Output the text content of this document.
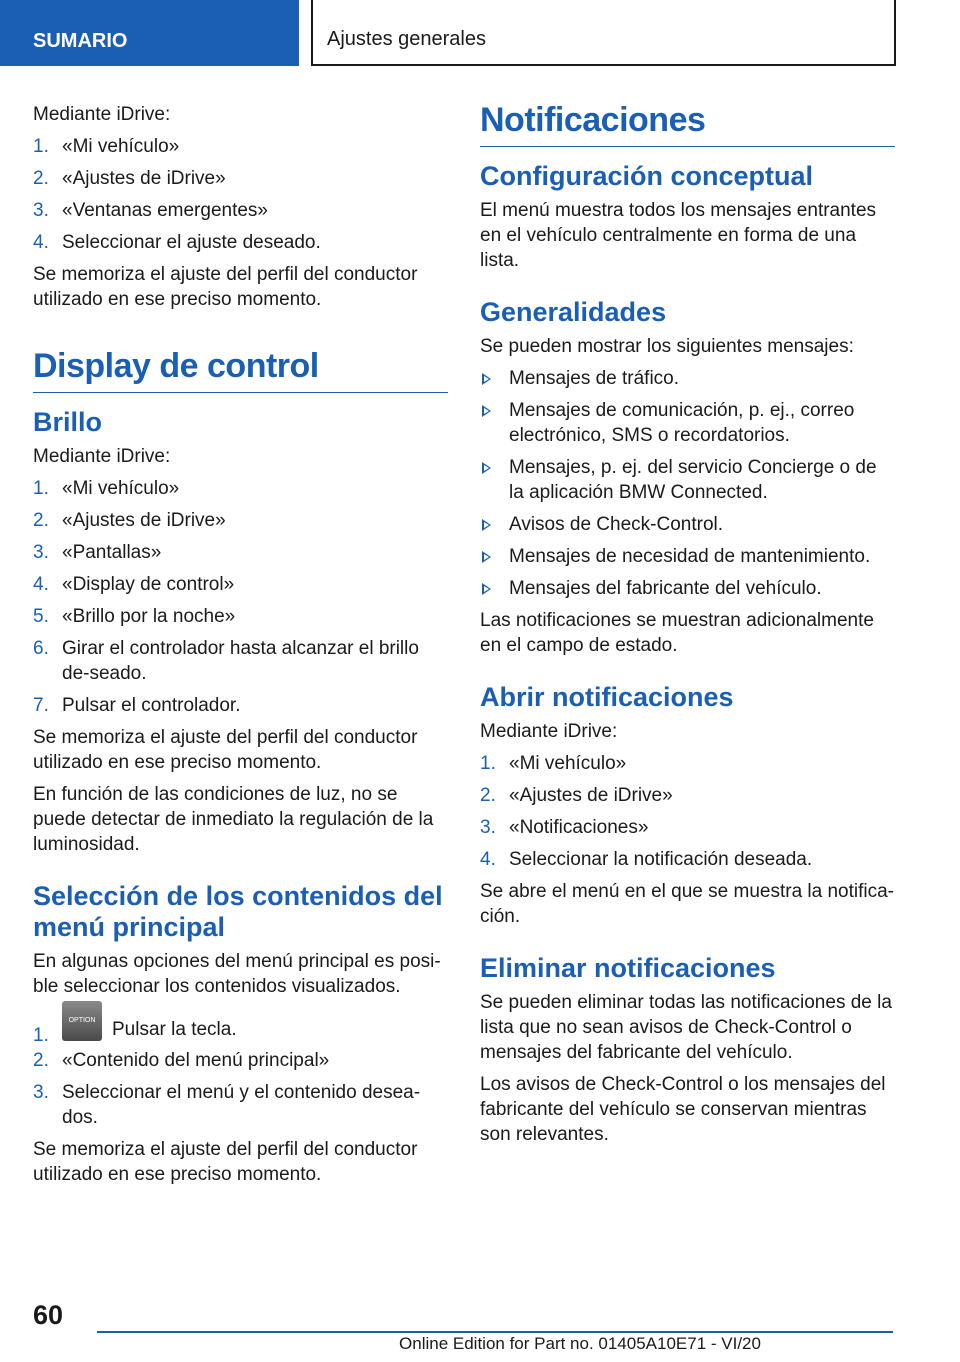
SUMARIO	Ajustes generales

Mediante iDrive:

1. «Mi vehículo»
2. «Ajustes de iDrive»
3. «Ventanas emergentes»
4. Seleccionar el ajuste deseado.

Se memoriza el ajuste del perfil del conductor utilizado en ese preciso momento.

Display de control
Brillo

Mediante iDrive:

1. «Mi vehículo»
2. «Ajustes de iDrive»
3. «Pantallas»
4. «Display de control»
5. «Brillo por la noche»
6. Girar el controlador hasta alcanzar el brillo de-seado.
7. Pulsar el controlador.

Se memoriza el ajuste del perfil del conductor utilizado en ese preciso momento.

En función de las condiciones de luz, no se puede detectar de inmediato la regulación de la luminosidad.

Selección de los contenidos del menú principal

En algunas opciones del menú principal es posi-ble seleccionar los contenidos visualizados.

1.
OPTION Pulsar la tecla.
2. «Contenido del menú principal»
3. Seleccionar el menú y el contenido desea-dos.

Se memoriza el ajuste del perfil del conductor utilizado en ese preciso momento.

Notificaciones
Configuración conceptual

El menú muestra todos los mensajes entrantes en el vehículo centralmente en forma de una lista.

Generalidades

Se pueden mostrar los siguientes mensajes:

Mensajes de tráfico.
Mensajes de comunicación, p. ej., correo electrónico, SMS o recordatorios.
Mensajes, p. ej. del servicio Concierge o de la aplicación BMW Connected.
Avisos de Check-Control.
Mensajes de necesidad de mantenimiento.
Mensajes del fabricante del vehículo.

Las notificaciones se muestran adicionalmente en el campo de estado.

Abrir notificaciones

Mediante iDrive:

1. «Mi vehículo»
2. «Ajustes de iDrive»
3. «Notificaciones»
4. Seleccionar la notificación deseada.

Se abre el menú en el que se muestra la notifica-ción.

Eliminar notificaciones

Se pueden eliminar todas las notificaciones de la lista que no sean avisos de Check-Control o mensajes del fabricante del vehículo.

Los avisos de Check-Control o los mensajes del fabricante del vehículo se conservan mientras son relevantes.

60
Online Edition for Part no. 01405A10E71 - VI/20
